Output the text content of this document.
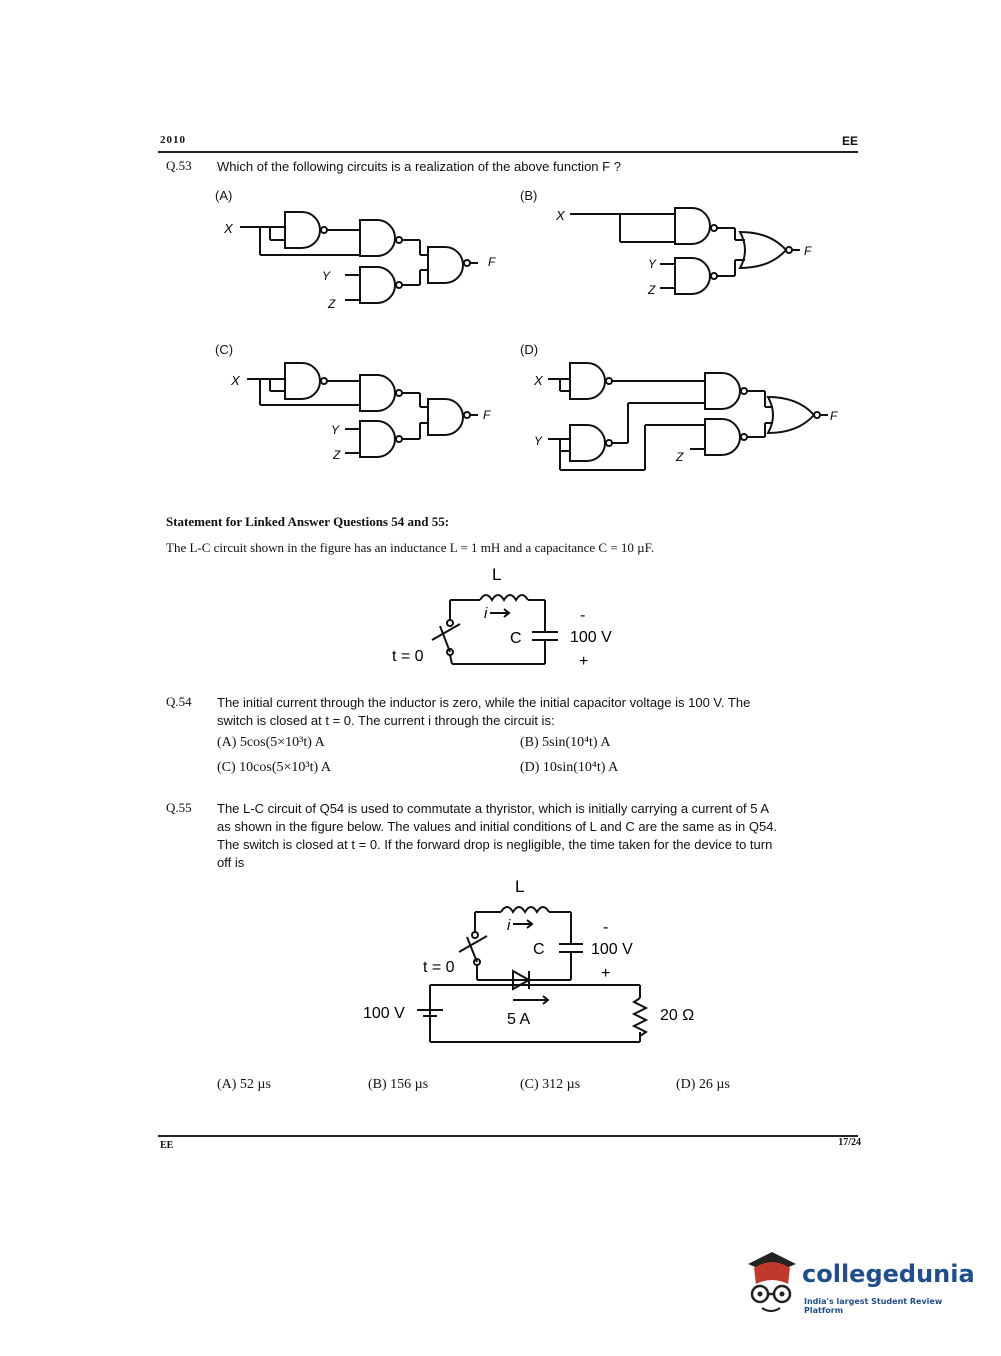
2010	EE
Q.53 Which of the following circuits is a realization of the above function F ?
(A)	(B)
(C)	(D)
X
Y
Z
F
X
Y
Z
F
X
Y
Z
F
X
Y
Z
F
Statement for Linked Answer Questions 54 and 55:
The L-C circuit shown in the figure has an inductance L = 1 mH and a capacitance C = 10 µF.
L
i
C	100 V
-
+
t = 0
Q.54 The initial current through the inductor is zero, while the initial capacitor voltage is 100 V. The
switch is closed at t = 0. The current i through the circuit is:
(A) 5cos(5×10³t) A	(B) 5sin(10⁴t) A
(C) 10cos(5×10³t) A	(D) 10sin(10⁴t) A
Q.55 The L-C circuit of Q54 is used to commutate a thyristor, which is initially carrying a current of 5 A
as shown in the figure below. The values and initial conditions of L and C are the same as in Q54.
The switch is closed at t = 0. If the forward drop is negligible, the time taken for the device to turn
off is
L
i
C	100 V
-
+
t = 0
100 V	5 A	20 Ω
(A) 52 µs	(B) 156 µs	(C) 312 µs	(D) 26 µs
EE	17/24
collegedunia
India's largest Student Review Platform
